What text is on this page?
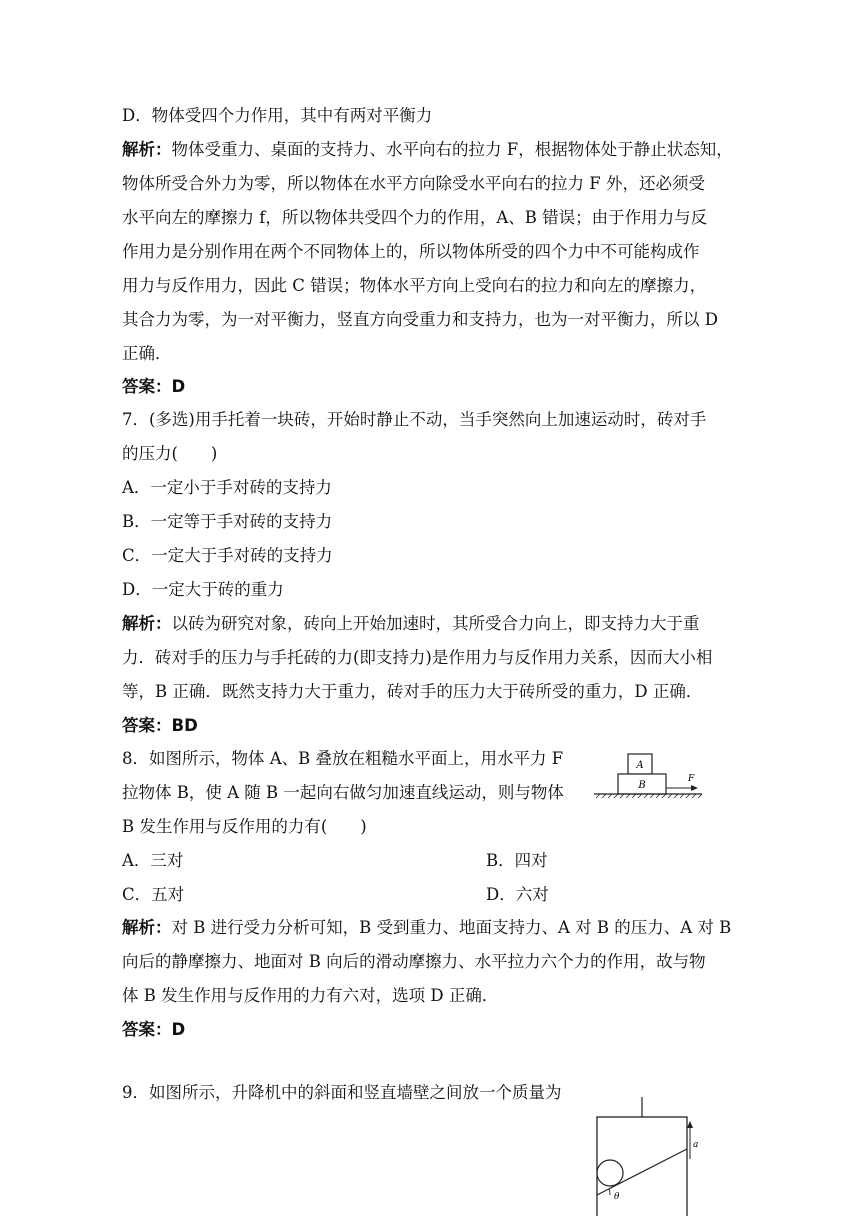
D．物体受四个力作用，其中有两对平衡力
解析：物体受重力、桌面的支持力、水平向右的拉力 F，根据物体处于静止状态知，
物体所受合外力为零，所以物体在水平方向除受水平向右的拉力 F 外，还必须受
水平向左的摩擦力 f，所以物体共受四个力的作用，A、B 错误；由于作用力与反
作用力是分别作用在两个不同物体上的，所以物体所受的四个力中不可能构成作
用力与反作用力，因此 C 错误；物体水平方向上受向右的拉力和向左的摩擦力，
其合力为零，为一对平衡力，竖直方向受重力和支持力，也为一对平衡力，所以 D
正确．
答案：D
7．(多选)用手托着一块砖，开始时静止不动，当手突然向上加速运动时，砖对手
的压力(　　)
A．一定小于手对砖的支持力
B．一定等于手对砖的支持力
C．一定大于手对砖的支持力
D．一定大于砖的重力
解析：以砖为研究对象，砖向上开始加速时，其所受合力向上，即支持力大于重
力．砖对手的压力与手托砖的力(即支持力)是作用力与反作用力关系，因而大小相
等，B 正确．既然支持力大于重力，砖对手的压力大于砖所受的重力，D 正确．
答案：BD
8．如图所示，物体 A、B 叠放在粗糙水平面上，用水平力 F
拉物体 B，使 A 随 B 一起向右做匀加速直线运动，则与物体
B 发生作用与反作用的力有(　　)
A
B
F
A．三对	B．四对
C．五对	D．六对
解析：对 B 进行受力分析可知，B 受到重力、地面支持力、A 对 B 的压力、A 对 B
向后的静摩擦力、地面对 B 向后的滑动摩擦力、水平拉力六个力的作用，故与物
体 B 发生作用与反作用的力有六对，选项 D 正确．
答案：D
9．如图所示，升降机中的斜面和竖直墙壁之间放一个质量为
θ
a
